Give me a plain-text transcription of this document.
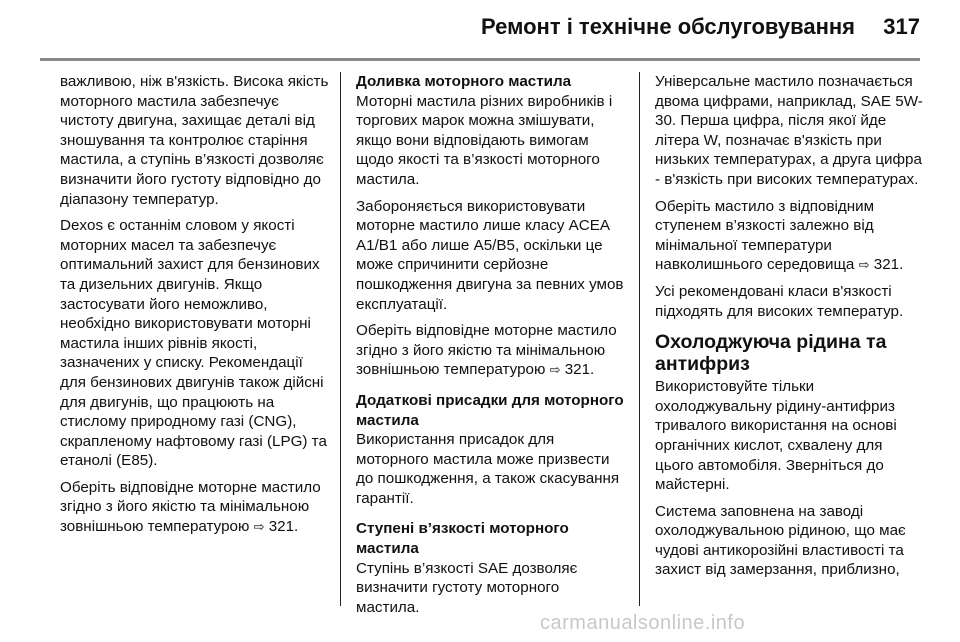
Ремонт і технічне обслуговування 317

важливою, ніж в'язкість. Висока якість моторного мастила забезпечує чистоту двигуна, захищає деталі від зношування та контролює старіння мастила, а ступінь в’язкості дозволяє визначити його густоту відповідно до діапазону температур.

Dexos є останнім словом у якості моторних масел та забезпечує оптимальний захист для бензинових та дизельних двигунів. Якщо застосувати його неможливо, необхідно використовувати моторні мастила інших рівнів якості, зазначених у списку. Рекомендації для бензинових двигунів також дійсні для двигунів, що працюють на стислому природному газі (CNG), скрапленому нафтовому газі (LPG) та етанолі (E85).

Оберіть відповідне моторне мастило згідно з його якістю та мінімальною зовнішньою температурою ⇨ 321.

Доливка моторного мастила

Моторні мастила різних виробників і торгових марок можна змішувати, якщо вони відповідають вимогам щодо якості та в’язкості моторного мастила.

Забороняється використовувати моторне мастило лише класу ACEA A1/B1 або лише A5/B5, оскільки це може спричинити серйозне пошкодження двигуна за певних умов експлуатації.

Оберіть відповідне моторне мастило згідно з його якістю та мінімальною зовнішньою температурою ⇨ 321.

Додаткові присадки для моторного мастила

Використання присадок для моторного мастила може призвести до пошкодження, а також скасування гарантії.

Ступені в’язкості моторного мастила

Ступінь в’язкості SAE дозволяє визначити густоту моторного мастила.

Універсальне мастило позначається двома цифрами, наприклад, SAE 5W-30. Перша цифра, після якої йде літера W, позначає в'язкість при низьких температурах, а друга цифра - в'язкість при високих температурах.

Оберіть мастило з відповідним ступенем в’язкості залежно від мінімальної температури навколишнього середовища ⇨ 321.

Усі рекомендовані класи в'язкості підходять для високих температур.

Охолоджуюча рідина та антифриз

Використовуйте тільки охолоджувальну рідину-антифриз тривалого використання на основі органічних кислот, схвалену для цього автомобіля. Зверніться до майстерні.

Система заповнена на заводі охолоджувальною рідиною, що має чудові антикорозійні властивості та захист від замерзання, приблизно,

carmanualsonline.info
